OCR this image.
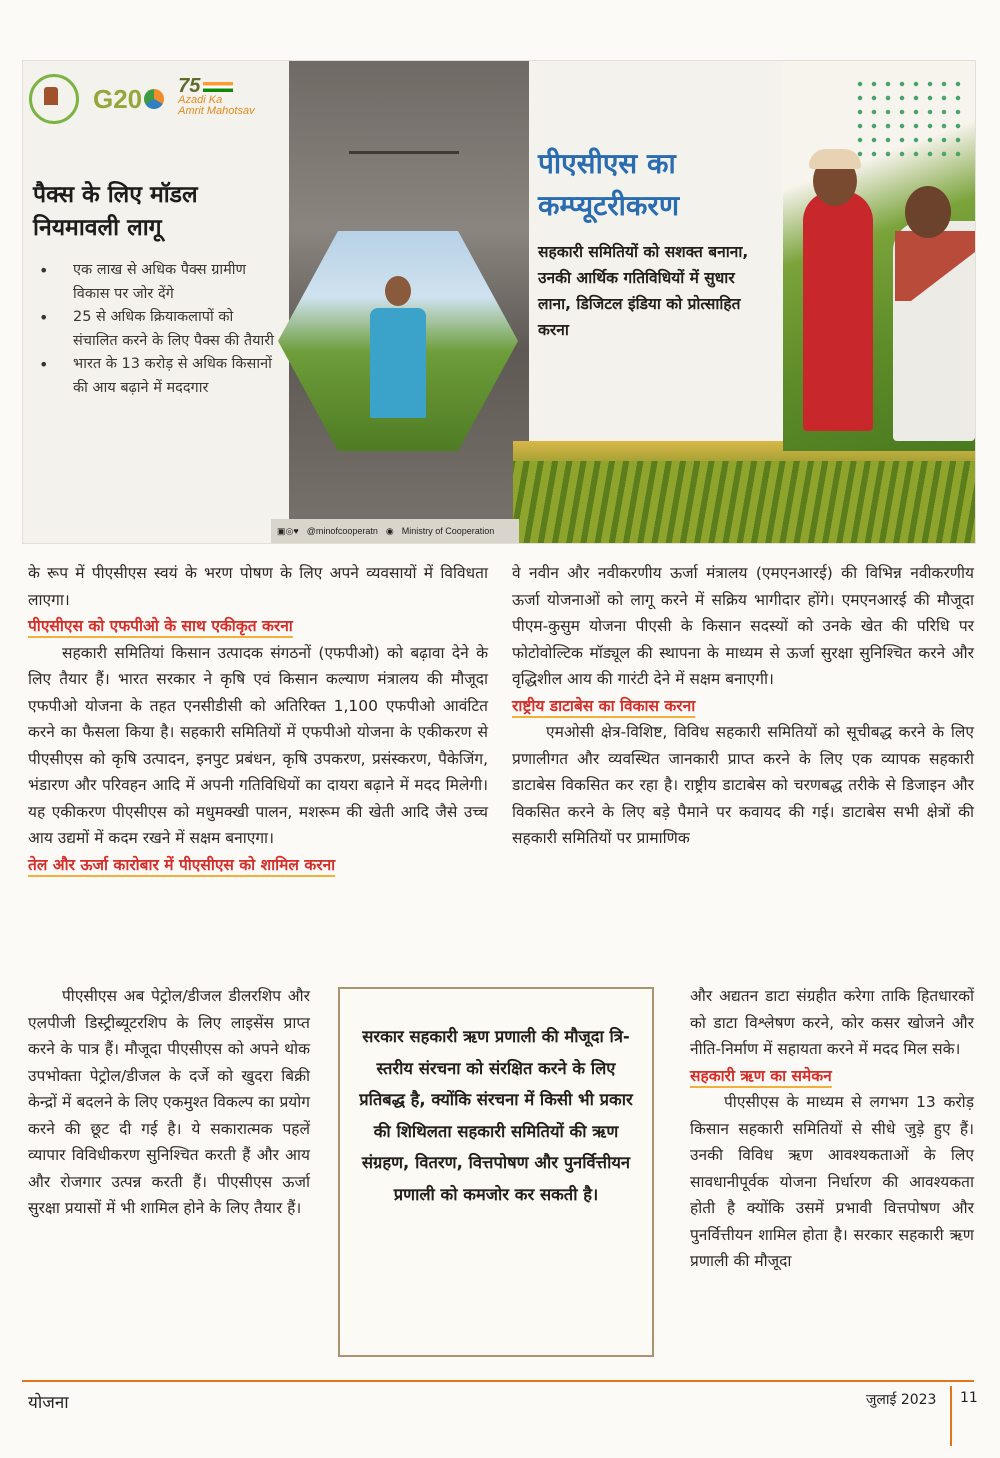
G20 75
Azadi Ka
Amrit Mahotsav
पैक्स के लिए मॉडल नियमावली लागू
• एक लाख से अधिक पैक्स ग्रामीण विकास पर जोर देंगे
• 25 से अधिक क्रियाकलापों को संचालित करने के लिए पैक्स की तैयारी
• भारत के 13 करोड़ से अधिक किसानों की आय बढ़ाने में मददगार
पीएसीएस का कम्प्यूटरीकरण
सहकारी समितियों को सशक्त बनाना, उनकी आर्थिक गतिविधियों में सुधार लाना, डिजिटल इंडिया को प्रोत्साहित करना
▣◎♥ @minofcooperatn ◉ Ministry of Cooperation

के रूप में पीएसीएस स्वयं के भरण पोषण के लिए अपने व्यवसायों में विविधता लाएगा।

पीएसीएस को एफपीओ के साथ एकीकृत करना

सहकारी समितियां किसान उत्पादक संगठनों (एफपीओ) को बढ़ावा देने के लिए तैयार हैं। भारत सरकार ने कृषि एवं किसान कल्याण मंत्रालय की मौजूदा एफपीओ योजना के तहत एनसीडीसी को अतिरिक्त 1,100 एफपीओ आवंटित करने का फैसला किया है। सहकारी समितियों में एफपीओ योजना के एकीकरण से पीएसीएस को कृषि उत्पादन, इनपुट प्रबंधन, कृषि उपकरण, प्रसंस्करण, पैकेजिंग, भंडारण और परिवहन आदि में अपनी गतिविधियों का दायरा बढ़ाने में मदद मिलेगी। यह एकीकरण पीएसीएस को मधुमक्खी पालन, मशरूम की खेती आदि जैसे उच्च आय उद्यमों में कदम रखने में सक्षम बनाएगा।

तेल और ऊर्जा कारोबार में पीएसीएस को शामिल करना

पीएसीएस अब पेट्रोल/डीजल डीलरशिप और एलपीजी डिस्ट्रीब्यूटरशिप के लिए लाइसेंस प्राप्त करने के पात्र हैं। मौजूदा पीएसीएस को अपने थोक उपभोक्ता पेट्रोल/डीजल के दर्जे को खुदरा बिक्री केन्द्रों में बदलने के लिए एकमुश्त विकल्प का प्रयोग करने की छूट दी गई है। ये सकारात्मक पहलें व्यापार विविधीकरण सुनिश्चित करती हैं और आय और रोजगार उत्पन्न करती हैं। पीएसीएस ऊर्जा सुरक्षा प्रयासों में भी शामिल होने के लिए तैयार हैं।

वे नवीन और नवीकरणीय ऊर्जा मंत्रालय (एमएनआरई) की विभिन्न नवीकरणीय ऊर्जा योजनाओं को लागू करने में सक्रिय भागीदार होंगे। एमएनआरई की मौजूदा पीएम-कुसुम योजना पीएसी के किसान सदस्यों को उनके खेत की परिधि पर फोटोवोल्टिक मॉड्यूल की स्थापना के माध्यम से ऊर्जा सुरक्षा सुनिश्चित करने और वृद्धिशील आय की गारंटी देने में सक्षम बनाएगी।

राष्ट्रीय डाटाबेस का विकास करना

एमओसी क्षेत्र-विशिष्ट, विविध सहकारी समितियों को सूचीबद्ध करने के लिए प्रणालीगत और व्यवस्थित जानकारी प्राप्त करने के लिए एक व्यापक सहकारी डाटाबेस विकसित कर रहा है। राष्ट्रीय डाटाबेस को चरणबद्ध तरीके से डिजाइन और विकसित करने के लिए बड़े पैमाने पर कवायद की गई। डाटाबेस सभी क्षेत्रों की सहकारी समितियों पर प्रामाणिक

और अद्यतन डाटा संग्रहीत करेगा ताकि हितधारकों को डाटा विश्लेषण करने, कोर कसर खोजने और नीति-निर्माण में सहायता करने में मदद मिल सके।

सहकारी ऋण का समेकन

पीएसीएस के माध्यम से लगभग 13 करोड़ किसान सहकारी समितियों से सीधे जुड़े हुए हैं। उनकी विविध ऋण आवश्यकताओं के लिए सावधानीपूर्वक योजना निर्धारण की आवश्यकता होती है क्योंकि उसमें प्रभावी वित्तपोषण और पुनर्वित्तीयन शामिल होता है। सरकार सहकारी ऋण प्रणाली की मौजूदा

सरकार सहकारी ऋण प्रणाली की मौजूदा त्रि-स्तरीय संरचना को संरक्षित करने के लिए प्रतिबद्ध है, क्योंकि संरचना में किसी भी प्रकार की शिथिलता सहकारी समितियों की ऋण संग्रहण, वितरण, वित्तपोषण और पुनर्वित्तीयन प्रणाली को कमजोर कर सकती है।
योजना	जुलाई 2023 11
